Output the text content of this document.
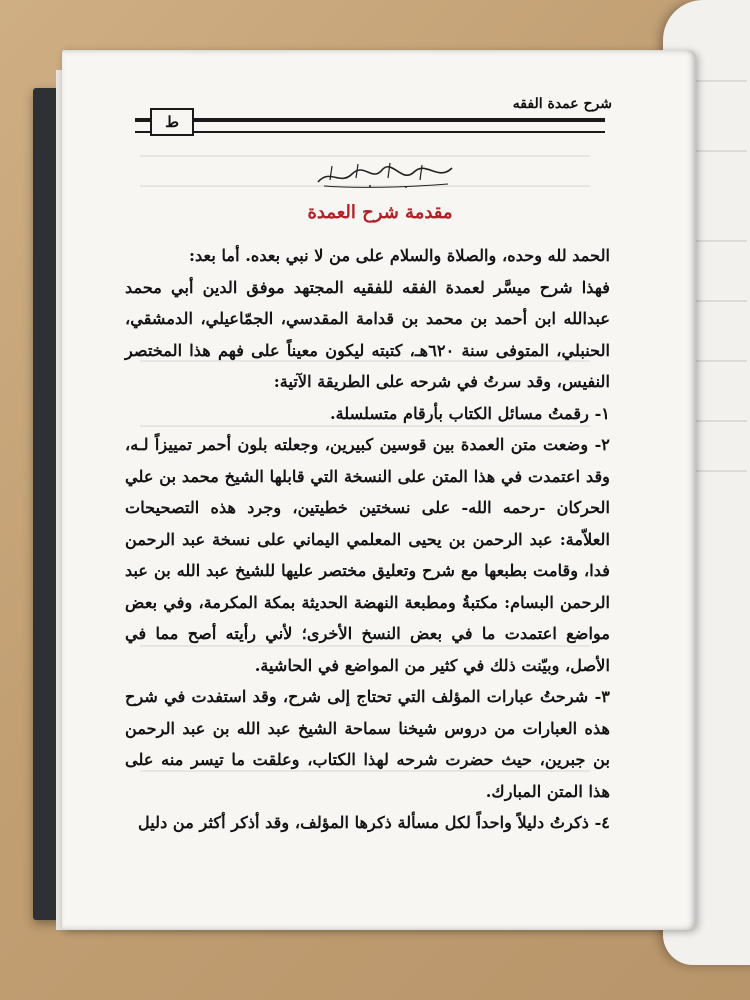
ط
شرح عمدة الفقه
مقدمة شرح العمدة

الحمد لله وحده، والصلاة والسلام على من لا نبي بعده. أما بعد:

فهذا شرح ميسَّر لعمدة الفقه للفقيه المجتهد موفق الدين أبي محمد عبدالله ابن أحمد بن محمد بن قدامة المقدسي، الجمّاعيلي، الدمشقي، الحنبلي، المتوفى سنة ٦٢٠هـ، كتبته ليكون معيناً على فهم هذا المختصر النفيس، وقد سرتُ في شرحه على الطريقة الآتية:

١- رقمتُ مسائل الكتاب بأرقام متسلسلة.

٢- وضعت متن العمدة بين قوسين كبيرين، وجعلته بلون أحمر تمييزاً لـه، وقد اعتمدت في هذا المتن على النسخة التي قابلها الشيخ محمد بن علي الحركان -رحمه الله- على نسختين خطيتين، وجرد هذه التصحيحات العلاّمة: عبد الرحمن بن يحيى المعلمي اليماني على نسخة عبد الرحمن فدا، وقامت بطبعها مع شرح وتعليق مختصر عليها للشيخ عبد الله بن عبد الرحمن البسام: مكتبةُ ومطبعة النهضة الحديثة بمكة المكرمة، وفي بعض مواضع اعتمدت ما في بعض النسخ الأخرى؛ لأني رأيته أصح مما في الأصل، وبيّنت ذلك في كثير من المواضع في الحاشية.

٣- شرحتُ عبارات المؤلف التي تحتاج إلى شرح، وقد استفدت في شرح هذه العبارات من دروس شيخنا سماحة الشيخ عبد الله بن عبد الرحمن بن جبرين، حيث حضرت شرحه لهذا الكتاب، وعلقت ما تيسر منه على هذا المتن المبارك.

٤- ذكرتُ دليلاً واحداً لكل مسألة ذكرها المؤلف، وقد أذكر أكثر من دليل
